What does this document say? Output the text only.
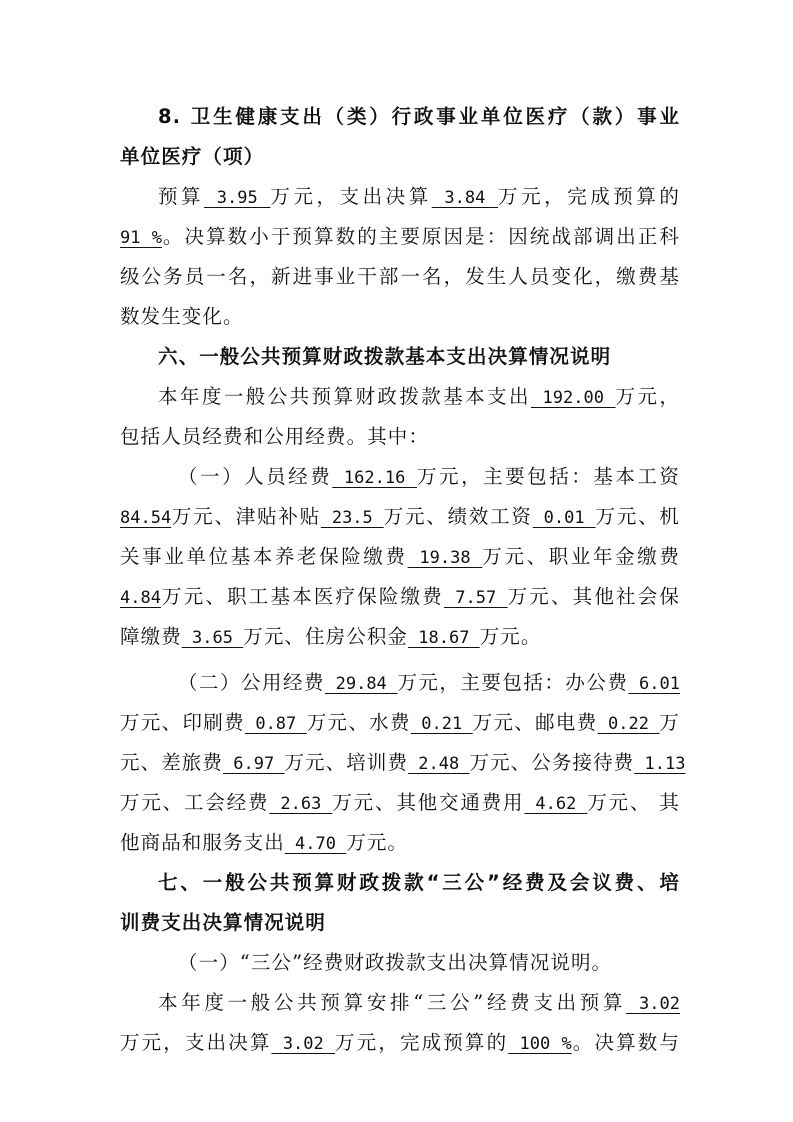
8. 卫生健康支出（类）行政事业单位医疗（款）事业
单位医疗（项）
预算 3.95 万元，支出决算 3.84 万元，完成预算的
91 %。决算数小于预算数的主要原因是：因统战部调出正科
级公务员一名，新进事业干部一名，发生人员变化，缴费基
数发生变化。
六、一般公共预算财政拨款基本支出决算情况说明
本年度一般公共预算财政拨款基本支出 192.00 万元，
包括人员经费和公用经费。其中：
（一）人员经费 162.16 万元，主要包括：基本工资
84.54万元、津贴补贴 23.5 万元、绩效工资 0.01 万元、机
关事业单位基本养老保险缴费 19.38 万元、职业年金缴费
4.84万元、职工基本医疗保险缴费 7.57 万元、其他社会保
障缴费 3.65 万元、住房公积金 18.67 万元。
（二）公用经费 29.84 万元，主要包括：办公费 6.01
万元、印刷费 0.87 万元、水费 0.21 万元、邮电费 0.22 万
元、差旅费 6.97 万元、培训费 2.48 万元、公务接待费 1.13
万元、工会经费 2.63 万元、其他交通费用 4.62 万元、 其
他商品和服务支出 4.70 万元。
七、一般公共预算财政拨款“三公”经费及会议费、培
训费支出决算情况说明
（一）“三公”经费财政拨款支出决算情况说明。
本年度一般公共预算安排“三公”经费支出预算 3.02
万元，支出决算 3.02 万元，完成预算的 100 %。决算数与
